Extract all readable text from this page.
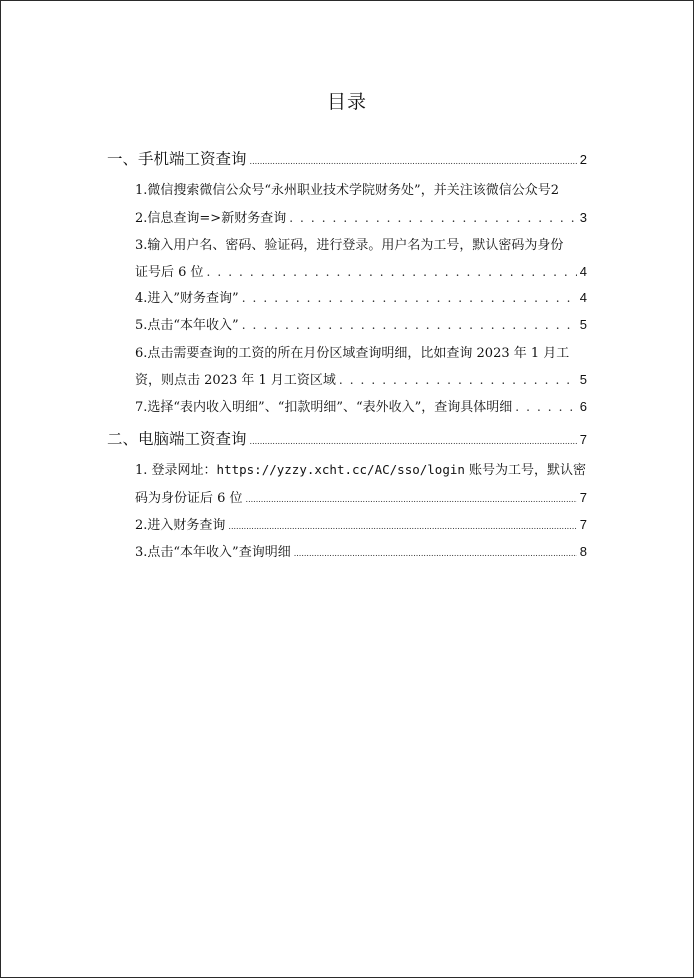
目录
一、 手机端工资查询 .....	2
1.微信搜索微信公众号“永州职业技术学院财务处”，并关注该微信公众号2
2.信息查询=>新财务查询 . . .	3
3.输入用户名、密码、验证码，进行登录。用户名为工号，默认密码为身份
证号后 6 位 . . .	4
4.进入”财务查询” . . .	4
5.点击“本年收入” . . .	5
6.点击需要查询的工资的所在月份区域查询明细，比如查询 2023 年 1 月工
资，则点击 2023 年 1 月工资区域 . . .	5
7.选择“表内收入明细”、“扣款明细”、“表外收入”，查询具体明细 . . .	6
二、 电脑端工资查询 .....	7
1. 登录网址：https://yzzy.xcht.cc/AC/sso/login 账号为工号，默认密
码为身份证后 6 位 .....	7
2.进入财务查询 .....	7
3.点击“本年收入”查询明细 .....	8
